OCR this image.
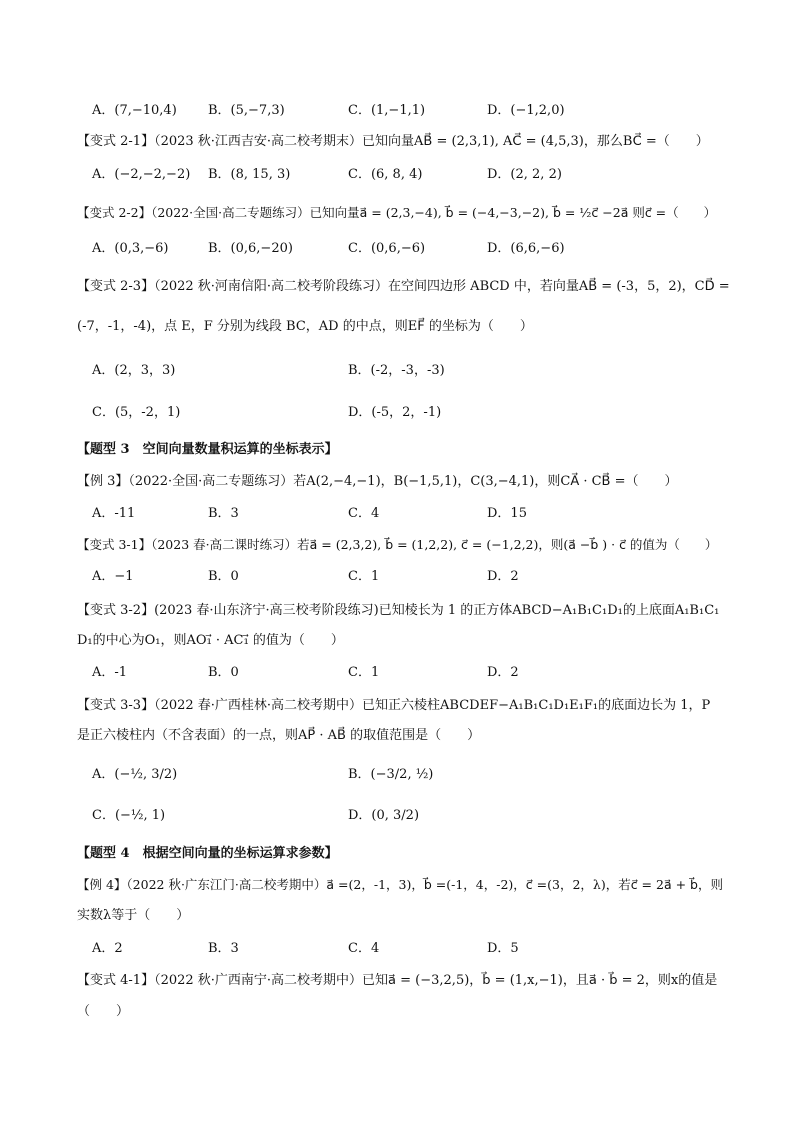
A．(7,−10,4) B．(5,−7,3)	C．(1,−1,1)	D．(−1,2,0)
【变式 2-1】（2023 秋·江西吉安·高二校考期末）已知向量AB⃗ = (2,3,1), AC⃗ = (4,5,3)，那么BC⃗ =（　　）
A．(−2,−2,−2) B．(8, 15, 3)	C．(6, 8, 4)	D．(2, 2, 2)
【变式 2-2】（2022·全国·高二专题练习）已知向量a⃗ = (2,3,−4), b⃗ = (−4,−3,−2), b⃗ = ½c⃗ −2a⃗ 则c⃗ =（　　）
A．(0,3,−6)	B．(0,6,−20)	C．(0,6,−6)	D．(6,6,−6)
【变式 2-3】（2022 秋·河南信阳·高二校考阶段练习）在空间四边形 ABCD 中，若向量AB⃗ = (-3，5，2)，CD⃗ =
(-7，-1，-4)，点 E，F 分别为线段 BC，AD 的中点，则EF⃗ 的坐标为（　　）
A．(2，3，3)	B．(-2，-3，-3)
C．(5，-2，1)	D．(-5，2，-1)
【题型 3　空间向量数量积运算的坐标表示】
【例 3】（2022·全国·高二专题练习）若A(2,−4,−1)，B(−1,5,1)，C(3,−4,1)，则CA⃗ · CB⃗ =（　　）
A．-11	B．3	C．4	D．15
【变式 3-1】（2023 春·高二课时练习）若a⃗ = (2,3,2), b⃗ = (1,2,2), c⃗ = (−1,2,2)，则(a⃗ −b⃗ ) · c⃗ 的值为（　　）
A．−1	B．0	C．1	D．2
【变式 3-2】(2023 春·山东济宁·高三校考阶段练习)已知棱长为 1 的正方体ABCD−A₁B₁C₁D₁的上底面A₁B₁C₁
D₁的中心为O₁，则AO₁⃗ · AC₁⃗ 的值为（　　）
A．-1	B．0	C．1	D．2
【变式 3-3】（2022 春·广西桂林·高二校考期中）已知正六棱柱ABCDEF−A₁B₁C₁D₁E₁F₁的底面边长为 1，P
是正六棱柱内（不含表面）的一点，则AP⃗ · AB⃗ 的取值范围是（　　）
A．(−½, 3/2)	B．(−3/2, ½)
C．(−½, 1)	D．(0, 3/2)
【题型 4　根据空间向量的坐标运算求参数】
【例 4】（2022 秋·广东江门·高二校考期中）a⃗ =(2，-1，3)，b⃗ =(-1，4，-2)，c⃗ =(3，2，λ)，若c⃗ = 2a⃗ + b⃗，则
实数λ等于（　　）
A．2	B．3	C．4	D．5
【变式 4-1】（2022 秋·广西南宁·高二校考期中）已知a⃗ = (−3,2,5)，b⃗ = (1,x,−1)，且a⃗ · b⃗ = 2，则x的值是
（　　）
